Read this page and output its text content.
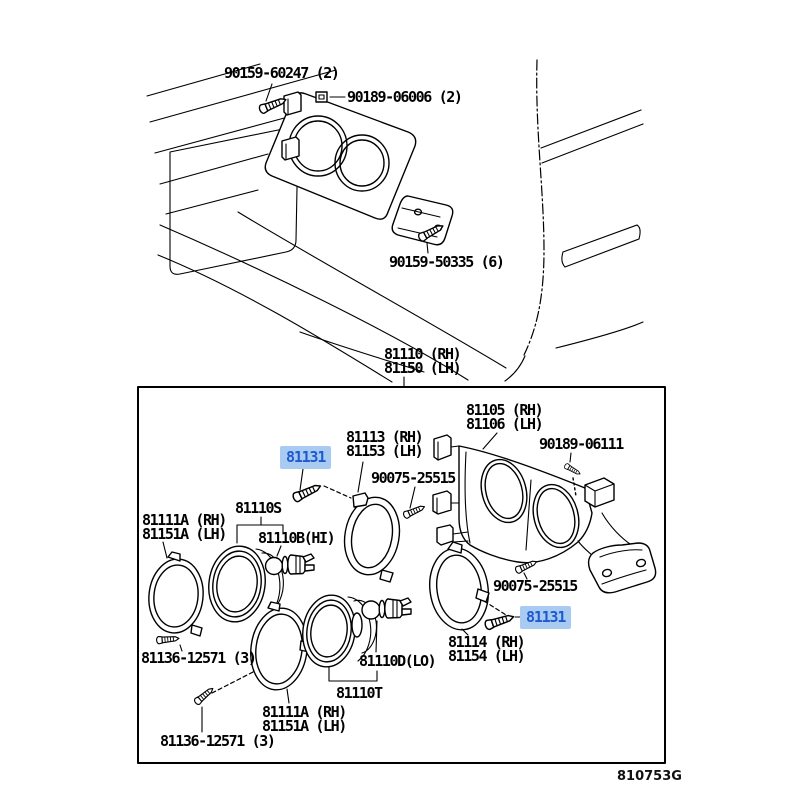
90159-60247 (2)
90189-06006 (2)
90159-50335 (6)
81110 (RH)
81150 (LH)
81105 (RH)
81106 (LH)
90189-06111
81113 (RH)
81153 (LH)
81131
90075-25515
81110S
81111A (RH)
81151A (LH) 81110B(HI)
81136-12571 (3)	81110D(LO)
81110T
81111A (RH)
81151A (LH)
81136-12571 (3)
81114 (RH)
81154 (LH)
90075-25515
81131
810753G
